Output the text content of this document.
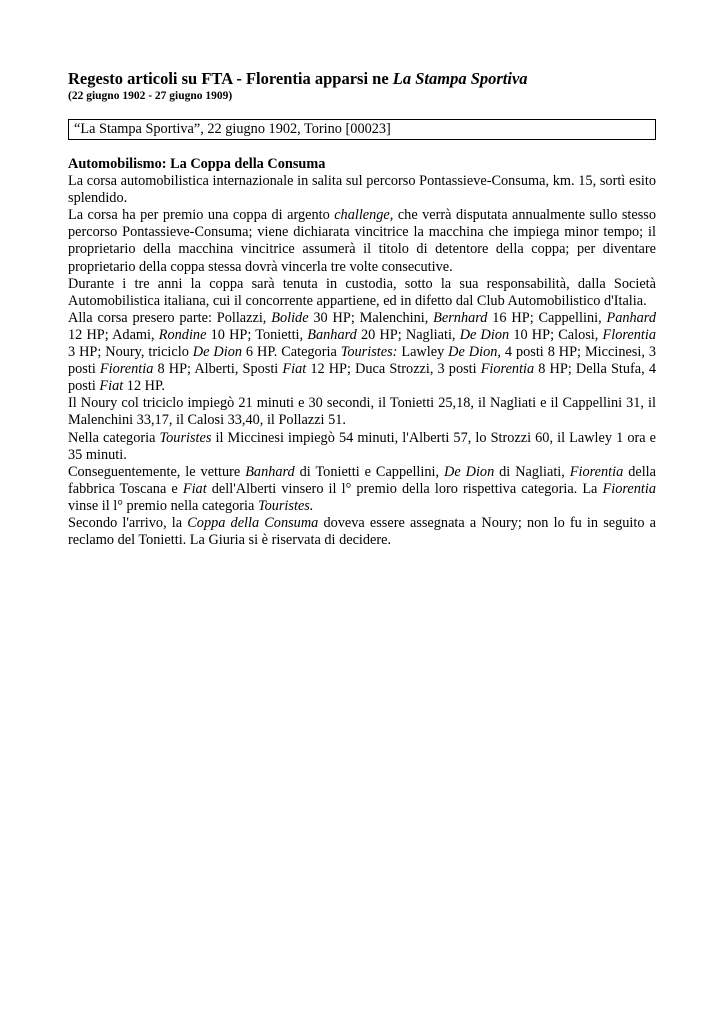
Regesto articoli su FTA - Florentia apparsi ne La Stampa Sportiva
(22 giugno 1902 - 27 giugno 1909)
“La Stampa Sportiva”, 22 giugno 1902, Torino [00023]

Automobilismo: La Coppa della Consuma

La corsa automobilistica internazionale in salita sul percorso Pontassieve-Consuma, km. 15, sortì esito splendido.

La corsa ha per premio una coppa di argento challenge, che verrà disputata annualmente sullo stesso percorso Pontassieve-Consuma; viene dichiarata vincitrice la macchina che impiega minor tempo; il proprietario della macchina vincitrice assumerà il titolo di detentore della coppa; per diventare proprietario della coppa stessa dovrà vincerla tre volte consecutive.

Durante i tre anni la coppa sarà tenuta in custodia, sotto la sua responsabilità, dalla Società Automobilistica italiana, cui il concorrente appartiene, ed in difetto dal Club Automobilistico d'Italia.

Alla corsa presero parte: Pollazzi, Bolide 30 HP; Malenchini, Bernhard 16 HP; Cappellini, Panhard 12 HP; Adami, Rondine 10 HP; Tonietti, Banhard 20 HP; Nagliati, De Dion 10 HP; Calosi, Florentia 3 HP; Noury, triciclo De Dion 6 HP. Categoria Touristes: Lawley De Dion, 4 posti 8 HP; Miccinesi, 3 posti Fiorentia 8 HP; Alberti, Sposti Fiat 12 HP; Duca Strozzi, 3 posti Fiorentia 8 HP; Della Stufa, 4 posti Fiat 12 HP.

Il Noury col triciclo impiegò 21 minuti e 30 secondi, il Tonietti 25,18, il Nagliati e il Cappellini 31, il Malenchini 33,17, il Calosi 33,40, il Pollazzi 51.

Nella categoria Touristes il Miccinesi impiegò 54 minuti, l'Alberti 57, lo Strozzi 60, il Lawley 1 ora e 35 minuti.

Conseguentemente, le vetture Banhard di Tonietti e Cappellini, De Dion di Nagliati, Fiorentia della fabbrica Toscana e Fiat dell'Alberti vinsero il l° premio della loro rispettiva categoria. La Fiorentia vinse il l° premio nella categoria Touristes.

Secondo l'arrivo, la Coppa della Consuma doveva essere assegnata a Noury; non lo fu in seguito a reclamo del Tonietti. La Giuria si è riservata di decidere.
